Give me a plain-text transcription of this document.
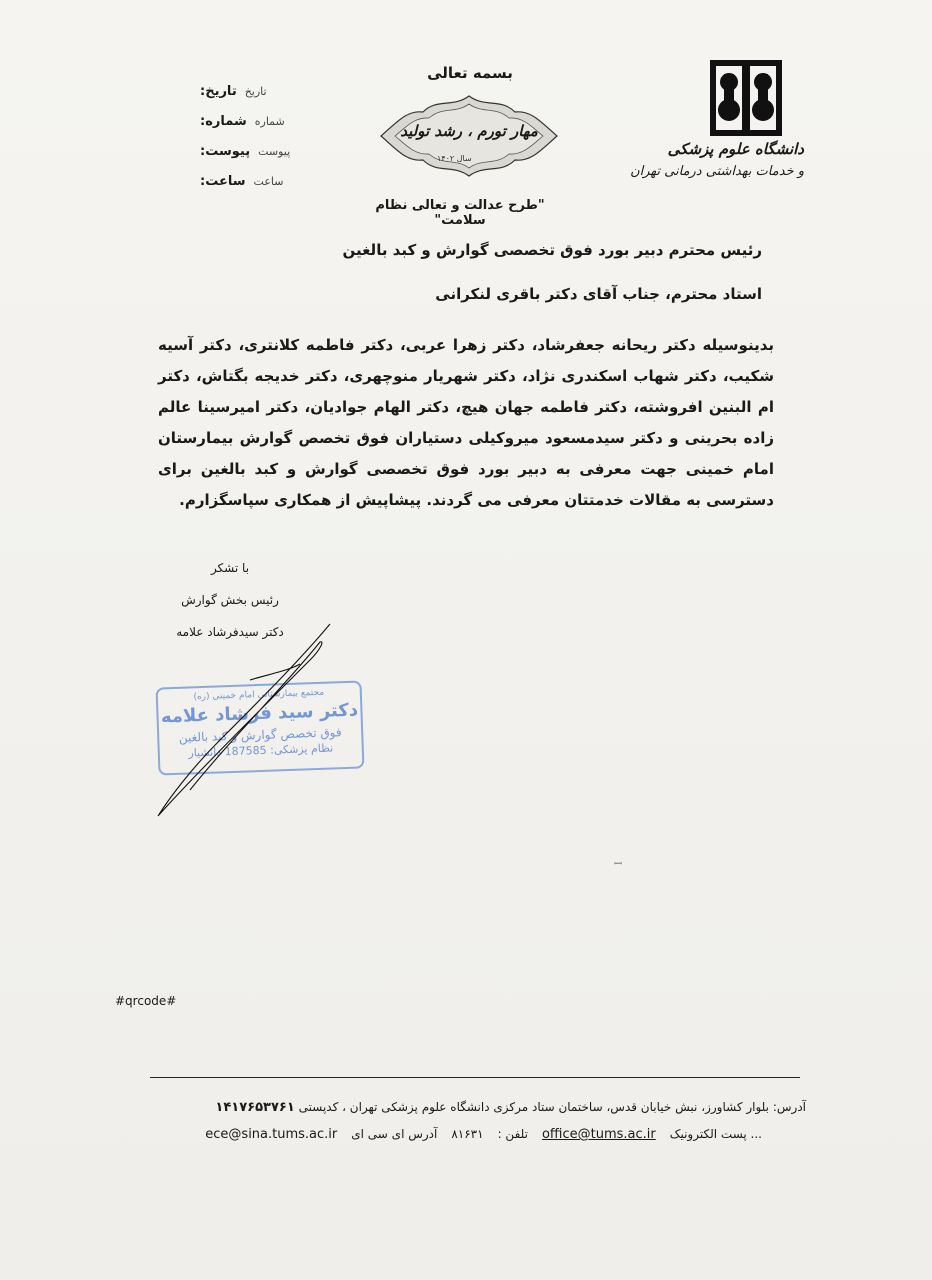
دانشگاه علوم پزشکی
و خدمات بهداشتی درمانی تهران
بسمه تعالی
مهار تورم ، رشد تولید
سال ۱۴۰۲
"طرح عدالت و تعالی نظام سلامت"
تاریخ: تاریخ
شماره: شماره
پیوست: پیوست
ساعت: ساعت
رئیس محترم دبیر بورد فوق تخصصی گوارش و کبد بالغین
استاد محترم، جناب آقای دکتر باقری لنکرانی
بدینوسیله دکتر ریحانه جعفرشاد، دکتر زهرا عربی، دکتر فاطمه کلانتری، دکتر آسیه شکیب، دکتر شهاب اسکندری نژاد، دکتر شهریار منوچهری، دکتر خدیجه بگتاش، دکتر ام البنین افروشته، دکتر فاطمه جهان هیچ، دکتر الهام جوادیان، دکتر امیرسینا عالم زاده بحرینی و دکتر سیدمسعود میروکیلی دستیاران فوق تخصص گوارش بیمارستان امام خمینی جهت معرفی به دبیر بورد فوق تخصصی گوارش و کبد بالغین برای دسترسی به مقالات خدمتتان معرفی می گردند. پیشاپیش از همکاری سپاسگزارم.
با تشکر
رئیس بخش گوارش
دکتر سیدفرشاد علامه
مجتمع بیمارستانی امام خمینی (ره)
دکتر سید فرشاد علامه
فوق تخصص گوارش و کبد بالغین
نظام پزشکی: 187585 دانشیار
ꟷ
#qrcode#
آدرس: بلوار کشاورز، نبش خیابان قدس، ساختمان ستاد مرکزی دانشگاه علوم پزشکی تهران ، کدپستی ۱۴۱۷۶۵۳۷۶۱
... پست الکترونیک
office@tums.ac.ir
تلفن :
۸۱۶۳۱
آدرس ای سی ای
ece@sina.tums.ac.ir
